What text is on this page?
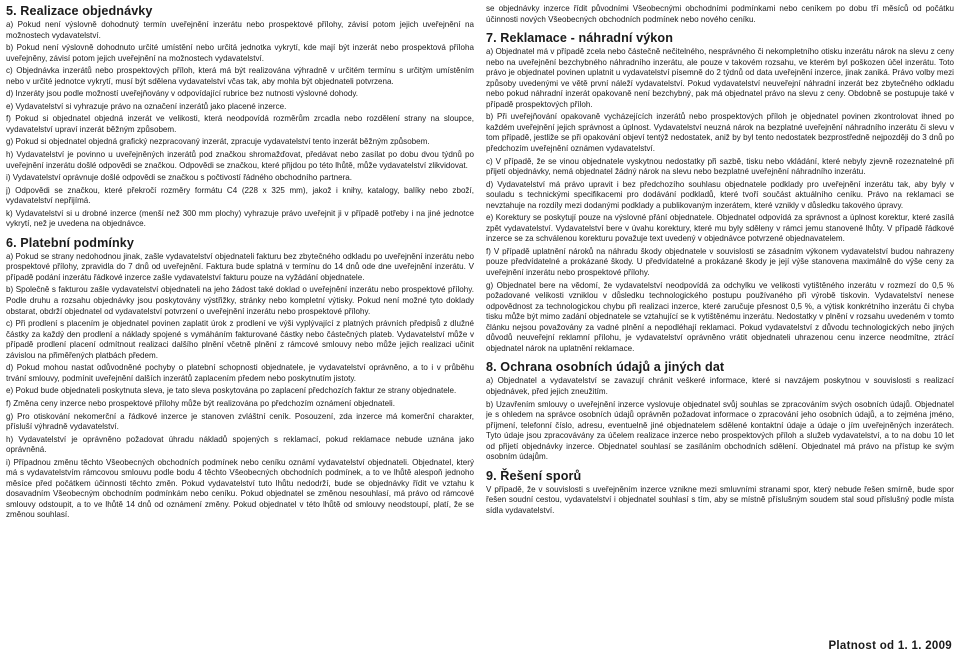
5. Realizace objednávky

a) Pokud není výslovně dohodnutý termín uveřejnění inzerátu nebo prospektové přílohy, závisí potom jejich uveřejnění na možnostech vydavatelství.

b) Pokud není výslovně dohodnuto určité umístění nebo určitá jednotka vykrytí, kde mají být inzerát nebo prospektová příloha uveřejněny, závisí potom jejich uveřejnění na možnostech vydavatelství.

c) Objednávka inzerátů nebo prospektových příloh, která má být realizována výhradně v určitém termínu s určitým umístěním nebo v určité jednotce vykrytí, musí být sdělena vydavatelství včas tak, aby mohla být objednateli potvrzena.

d) Inzeráty jsou podle možností uveřejňovány v odpovídající rubrice bez nutnosti výslovné dohody.

e) Vydavatelství si vyhrazuje právo na označení inzerátů jako placené inzerce.

f) Pokud si objednatel objedná inzerát ve velikosti, která neodpovídá rozměrům zrcadla nebo rozdělení strany na sloupce, vydavatelství upraví inzerát běžným způsobem.

g) Pokud si objednatel objedná grafický nezpracovaný inzerát, zpracuje vydavatelství tento inzerát běžným způsobem.

h) Vydavatelství je povinno u uveřejněných inzerátů pod značkou shromažďovat, předávat nebo zasílat po dobu dvou týdnů po uveřejnění inzerátu došlé odpovědi se značkou. Odpovědi se značkou, které přijdou po této lhůtě, může vydavatelství zlikvidovat.

i) Vydavatelství oprávnuje došlé odpovědi se značkou s počtivostí řádného obchodního partnera.

j) Odpovědi se značkou, které překročí rozměry formátu C4 (228 x 325 mm), jakož i knihy, katalogy, balíky nebo zboží, vydavatelství nepřijímá.

k) Vydavatelství si u drobné inzerce (menší než 300 mm plochy) vyhrazuje právo uveřejnit ji v případě potřeby i na jiné jednotce vykrytí, než je uvedena na objednávce.

6. Platební podmínky

a) Pokud se strany nedohodnou jinak, zašle vydavatelství objednateli fakturu bez zbytečného odkladu po uveřejnění inzerátu nebo prospektové přílohy, zpravidla do 7 dnů od uveřejnění. Faktura bude splatná v termínu do 14 dnů ode dne uveřejnění inzerátu. V případě podání inzerátu řádkové inzerce zašle vydavatelství fakturu pouze na vyžádání objednatele.

b) Společně s fakturou zašle vydavatelství objednateli na jeho žádost také doklad o uveřejnění inzerátu nebo prospektové přílohy. Podle druhu a rozsahu objednávky jsou poskytovány výstřižky, stránky nebo kompletní výtisky. Pokud není možné tyto doklady obstarat, obdrží objednatel od vydavatelství potvrzení o uveřejnění inzerátu nebo prospektové přílohy.

c) Při prodlení s placením je objednatel povinen zaplatit úrok z prodlení ve výši vyplývající z platných právních předpisů z dlužné částky za každý den prodlení a náklady spojené s vymáháním fakturované částky nebo částečných plateb. Vydavatelství může v případě prodlení placení odmítnout realizaci dalšího plnění včetně plnění z rámcové smlouvy nebo může jejich realizaci učinit závislou na přiměřených platbách předem.

d) Pokud mohou nastat odůvodněné pochyby o platební schopnosti objednatele, je vydavatelství oprávněno, a to i v průběhu trvání smlouvy, podmínit uveřejnění dalších inzerátů zaplacením předem nebo poskytnutím jistoty.

e) Pokud bude objednateli poskytnuta sleva, je tato sleva poskytována po zaplacení předchozích faktur ze strany objednatele.

f) Změna ceny inzerce nebo prospektové přílohy může být realizována po předchozím oznámení objednateli.

g) Pro otiskování nekomerční a řádkové inzerce je stanoven zvláštní ceník. Posouzení, zda inzerce má komerční charakter, přísluší výhradně vydavatelství.

h) Vydavatelství je oprávněno požadovat úhradu nákladů spojených s reklamací, pokud reklamace nebude uznána jako oprávněná.

i) Případnou změnu těchto Všeobecných obchodních podmínek nebo ceníku oznámí vydavatelství objednateli. Objednatel, který má s vydavatelstvím rámcovou smlouvu podle bodu 4 těchto Všeobecných obchodních podmínek, a to ve lhůtě alespoň jednoho měsíce před počátkem účinnosti těchto změn. Pokud vydavatelství tuto lhůtu nedodrží, bude se objednávky řídit ve vztahu k dosavadním Všeobecným obchodním podmínkám nebo ceníku. Pokud objednatel se změnou nesouhlasí, má právo od rámcové smlouvy odstoupit, a to ve lhůtě 14 dnů od oznámení změny. Pokud objednatel v této lhůtě od smlouvy neodstoupí, platí, že se změnou souhlasí.

se objednávky inzerce řídit původními Všeobecnými obchodními podmínkami nebo ceníkem po dobu tří měsíců od počátku účinnosti nových Všeobecných obchodních podmínek nebo nového ceníku.

7. Reklamace - náhradní výkon

a) Objednatel má v případě zcela nebo částečně nečitelného, nesprávného či nekompletního otisku inzerátu nárok na slevu z ceny nebo na uveřejnění bezchybného náhradního inzerátu, ale pouze v takovém rozsahu, ve kterém byl poškozen účel inzerátu. Toto právo je objednatel povinen uplatnit u vydavatelství písemně do 2 týdnů od data uveřejnění inzerce, jinak zaniká. Právo volby mezi způsoby uvedenými ve větě první náleží vydavatelství. Pokud vydavatelství neuveřejní náhradní inzerát bez zbytečného odkladu nebo pokud náhradní inzerát opakovaně není bezchybný, pak má objednatel právo na slevu z ceny. Obdobně se postupuje také v případě prospektových příloh.

b) Při uveřejňování opakovaně vycházejících inzerátů nebo prospektových příloh je objednatel povinen zkontrolovat ihned po každém uveřejnění jejich správnost a úplnost. Vydavatelství neuzná nárok na bezplatné uveřejnění náhradního inzerátu či slevu v tom případě, jestliže se při opakování objeví tentýž nedostatek, aniž by byl tento nedostatek bezprostředně nejpozději do 3 dnů po předchozím uveřejnění oznámen vydavatelství.

c) V případě, že se vinou objednatele vyskytnou nedostatky při sazbě, tisku nebo vkládání, které nebyly zjevně rozeznatelné při přijetí objednávky, nemá objednatel žádný nárok na slevu nebo bezplatné uveřejnění náhradního inzerátu.

d) Vydavatelství má právo upravit i bez předchozího souhlasu objednatele podklady pro uveřejnění inzerátu tak, aby byly v souladu s technickými specifikacemi pro dodávání podkladů, které tvoří součást aktuálního ceníku. Právo na reklamaci se nevztahuje na rozdíly mezi dodanými podklady a publikovaným inzerátem, které vznikly v důsledku takového úpravy.

e) Korektury se poskytují pouze na výslovné přání objednatele. Objednatel odpovídá za správnost a úplnost korektur, které zasílá zpět vydavatelství. Vydavatelství bere v úvahu korektury, které mu byly sděleny v rámci jemu stanovené lhůty. V případě řádkové inzerce se za schválenou korekturu považuje text uvedený v objednávce potvrzené objednavatelem.

f) V případě uplatnění nároků na náhradu škody objednatele v souvislosti se zásadním výkonem vydavatelství budou nahrazeny pouze předvídatelné a prokázané škody. U předvídatelné a prokázané škody je její výše stanovena maximálně do výše ceny za uveřejnění inzerátu nebo prospektové přílohy.

g) Objednatel bere na vědomí, že vydavatelství neodpovídá za odchylku ve velikosti vytištěného inzerátu v rozmezí do 0,5 % požadované velikosti vzniklou v důsledku technologického postupu používaného při výrobě tiskovin. Vydavatelství nenese odpovědnost za technologickou chybu při realizaci inzerce, které zaručuje přesnost 0,5 %, a výtisk konkrétního inzerátu či chyba tisku může být mimo zadání objednatele se vztahující se k vytištěnému inzerátu. Nedostatky v plnění v rozsahu uvedeném v tomto článku nejsou považovány za vadné plnění a nepodléhají reklamaci. Pokud vydavatelství z důvodu technologických nebo jiných důvodů neuveřejní reklamní přílohu, je vydavatelství oprávněno vrátit objednateli uhrazenou cenu inzerce neodmítne, ztrácí objednatel nárok na uplatnění reklamace.

8. Ochrana osobních údajů a jiných dat

a) Objednatel a vydavatelství se zavazují chránit veškeré informace, které si navzájem poskytnou v souvislosti s realizací objednávek, před jejich zneužitím.

b) Uzavřením smlouvy o uveřejnění inzerce vyslovuje objednatel svůj souhlas se zpracováním svých osobních údajů. Objednatel je s ohledem na správce osobních údajů oprávněn požadovat informace o zpracování jeho osobních údajů, a to zejména jméno, příjmení, telefonní číslo, adresu, eventuelně jiné objednatelem sdělené kontaktní údaje a údaje o jím uveřejněných inzerátech. Tyto údaje jsou zpracovávány za účelem realizace inzerce nebo prospektových příloh a služeb vydavatelství, a to na dobu 10 let od přijetí objednávky inzerce. Objednatel souhlasí se zasíláním obchodních sdělení. Objednatel má právo na přístup ke svým osobním údajům.

9. Řešení sporů

V případě, že v souvislosti s uveřejněním inzerce vznikne mezi smluvními stranami spor, který nebude řešen smírně, bude spor řešen soudní cestou, vydavatelství i objednatel souhlasí s tím, aby se místně příslušným soudem stal soud příslušný podle místa sídla vydavatelství.

Platnost od 1. 1. 2009
